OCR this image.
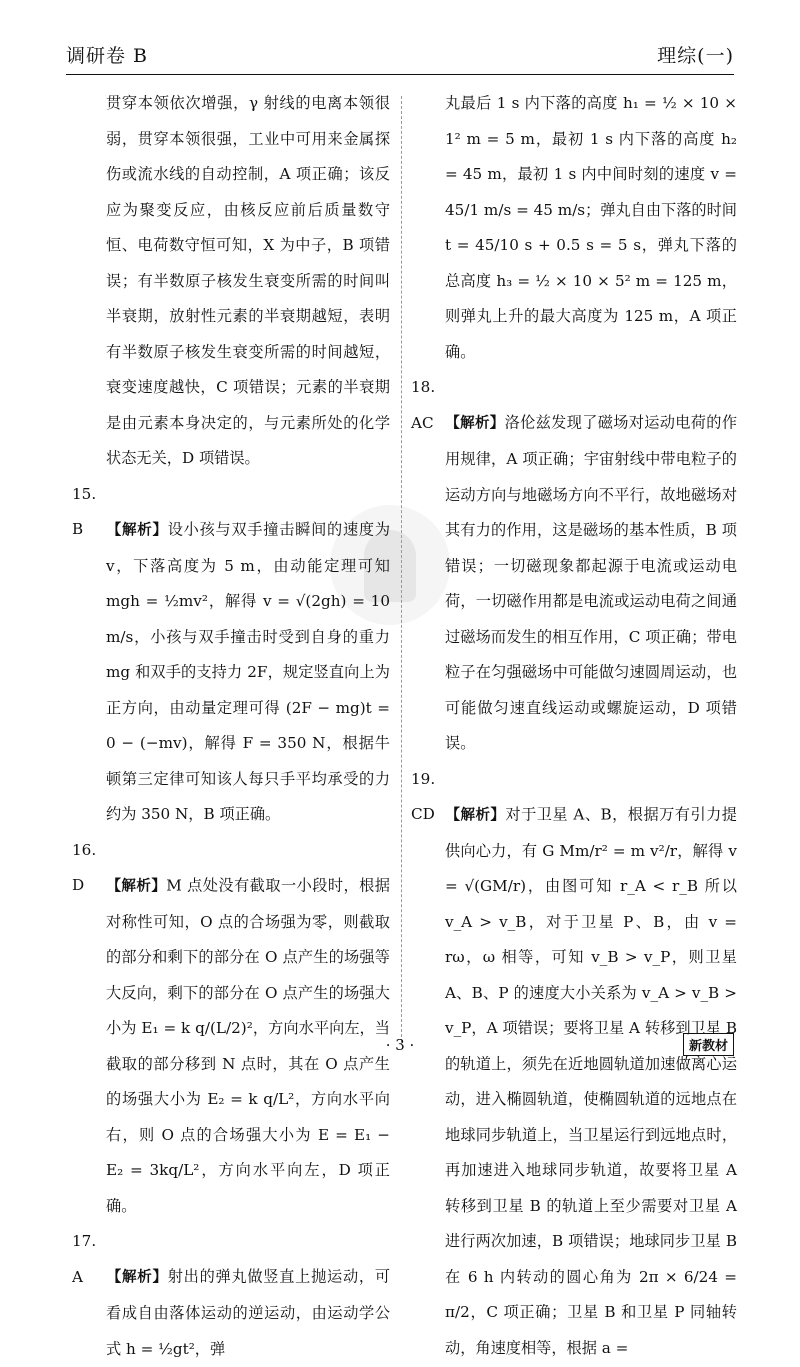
调研卷 B	理综(一)

贯穿本领依次增强，γ 射线的电离本领很弱，贯穿本领很强，工业中可用来金属探伤或流水线的自动控制，A 项正确；该反应为聚变反应，由核反应前后质量数守恒、电荷数守恒可知，X 为中子，B 项错误；有半数原子核发生衰变所需的时间叫半衰期，放射性元素的半衰期越短，表明有半数原子核发生衰变所需的时间越短，衰变速度越快，C 项错误；元素的半衰期是由元素本身决定的，与元素所处的化学状态无关，D 项错误。

15. B 【解析】设小孩与双手撞击瞬间的速度为 v，下落高度为 5 m，由动能定理可知 mgh = ½mv²，解得 v = √(2gh) = 10 m/s，小孩与双手撞击时受到自身的重力 mg 和双手的支持力 2F，规定竖直向上为正方向，由动量定理可得 (2F − mg)t = 0 − (−mv)，解得 F = 350 N，根据牛顿第三定律可知该人每只手平均承受的力约为 350 N，B 项正确。

16. D 【解析】M 点处没有截取一小段时，根据对称性可知，O 点的合场强为零，则截取的部分和剩下的部分在 O 点产生的场强等大反向，剩下的部分在 O 点产生的场强大小为 E₁ = k q/(L/2)²，方向水平向左，当截取的部分移到 N 点时，其在 O 点产生的场强大小为 E₂ = k q/L²，方向水平向右，则 O 点的合场强大小为 E = E₁ − E₂ = 3kq/L²，方向水平向左，D 项正确。

17. A 【解析】射出的弹丸做竖直上抛运动，可看成自由落体运动的逆运动，由运动学公式 h = ½gt²，弹

丸最后 1 s 内下落的高度 h₁ = ½ × 10 × 1² m = 5 m，最初 1 s 内下落的高度 h₂ = 45 m，最初 1 s 内中间时刻的速度 v = 45/1 m/s = 45 m/s；弹丸自由下落的时间 t = 45/10 s + 0.5 s = 5 s，弹丸下落的总高度 h₃ = ½ × 10 × 5² m = 125 m，则弹丸上升的最大高度为 125 m，A 项正确。

18. AC 【解析】洛伦兹发现了磁场对运动电荷的作用规律，A 项正确；宇宙射线中带电粒子的运动方向与地磁场方向不平行，故地磁场对其有力的作用，这是磁场的基本性质，B 项错误；一切磁现象都起源于电流或运动电荷，一切磁作用都是电流或运动电荷之间通过磁场而发生的相互作用，C 项正确；带电粒子在匀强磁场中可能做匀速圆周运动，也可能做匀速直线运动或螺旋运动，D 项错误。

19. CD 【解析】对于卫星 A、B，根据万有引力提供向心力，有 G Mm/r² = m v²/r，解得 v = √(GM/r)，由图可知 r_A < r_B 所以 v_A > v_B，对于卫星 P、B，由 v = rω，ω 相等，可知 v_B > v_P，则卫星 A、B、P 的速度大小关系为 v_A > v_B > v_P，A 项错误；要将卫星 A 转移到卫星 B 的轨道上，须先在近地圆轨道加速做离心运动，进入椭圆轨道，使椭圆轨道的远地点在地球同步轨道上，当卫星运行到远地点时，再加速进入地球同步轨道，故要将卫星 A 转移到卫星 B 的轨道上至少需要对卫星 A 进行两次加速，B 项错误；地球同步卫星 B 在 6 h 内转动的圆心角为 2π × 6/24 = π/2，C 项正确；卫星 B 和卫星 P 同轴转动，角速度相等，根据 a =

· 3 ·	新教材
